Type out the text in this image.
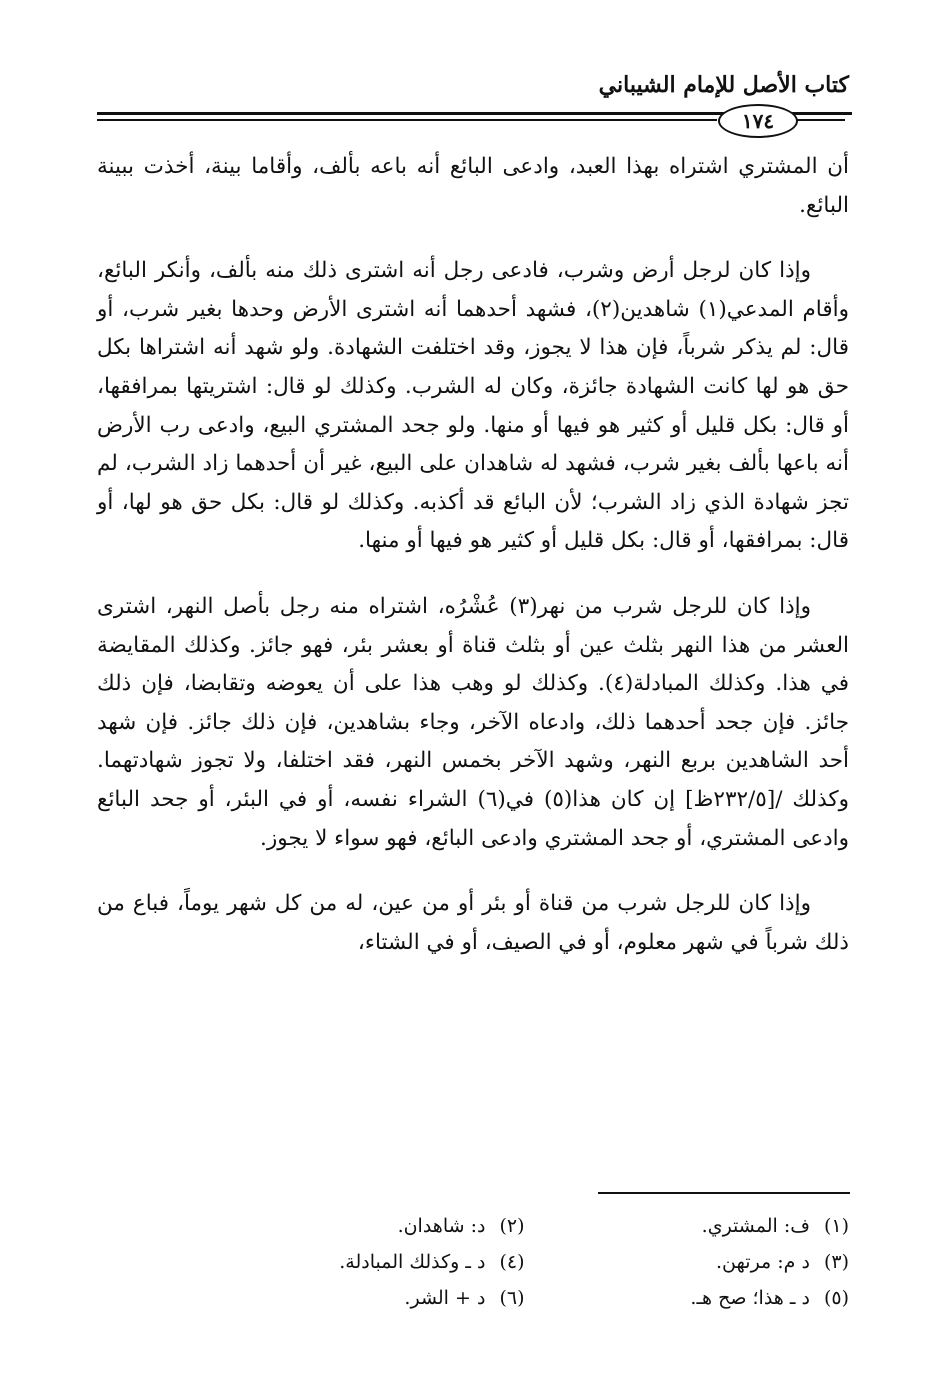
كتاب الأصل للإمام الشيباني
١٧٤

أن المشتري اشتراه بهذا العبد، وادعى البائع أنه باعه بألف، وأقاما بينة، أخذت ببينة البائع.

وإذا كان لرجل أرض وشرب، فادعى رجل أنه اشترى ذلك منه بألف، وأنكر البائع، وأقام المدعي(١) شاهدين(٢)، فشهد أحدهما أنه اشترى الأرض وحدها بغير شرب، أو قال: لم يذكر شرباً، فإن هذا لا يجوز، وقد اختلفت الشهادة. ولو شهد أنه اشتراها بكل حق هو لها كانت الشهادة جائزة، وكان له الشرب. وكذلك لو قال: اشتريتها بمرافقها، أو قال: بكل قليل أو كثير هو فيها أو منها. ولو جحد المشتري البيع، وادعى رب الأرض أنه باعها بألف بغير شرب، فشهد له شاهدان على البيع، غير أن أحدهما زاد الشرب، لم تجز شهادة الذي زاد الشرب؛ لأن البائع قد أكذبه. وكذلك لو قال: بكل حق هو لها، أو قال: بمرافقها، أو قال: بكل قليل أو كثير هو فيها أو منها.

وإذا كان للرجل شرب من نهر(٣) عُشْرُه، اشتراه منه رجل بأصل النهر، اشترى العشر من هذا النهر بثلث عين أو بثلث قناة أو بعشر بئر، فهو جائز. وكذلك المقايضة في هذا. وكذلك المبادلة(٤). وكذلك لو وهب هذا على أن يعوضه وتقابضا، فإن ذلك جائز. فإن جحد أحدهما ذلك، وادعاه الآخر، وجاء بشاهدين، فإن ذلك جائز. فإن شهد أحد الشاهدين بربع النهر، وشهد الآخر بخمس النهر، فقد اختلفا، ولا تجوز شهادتهما. وكذلك /[٢٣٢/٥ظ] إن كان هذا(٥) في(٦) الشراء نفسه، أو في البئر، أو جحد البائع وادعى المشتري، أو جحد المشتري وادعى البائع، فهو سواء لا يجوز.

وإذا كان للرجل شرب من قناة أو بئر أو من عين، له من كل شهر يوماً، فباع من ذلك شرباً في شهر معلوم، أو في الصيف، أو في الشتاء،

(١)ف: المشتري.
(٢)د: شاهدان.
(٣)د م: مرتهن.
(٤)د ـ وكذلك المبادلة.
(٥)د ـ هذا؛ صح هـ.
(٦)د + الشر.
